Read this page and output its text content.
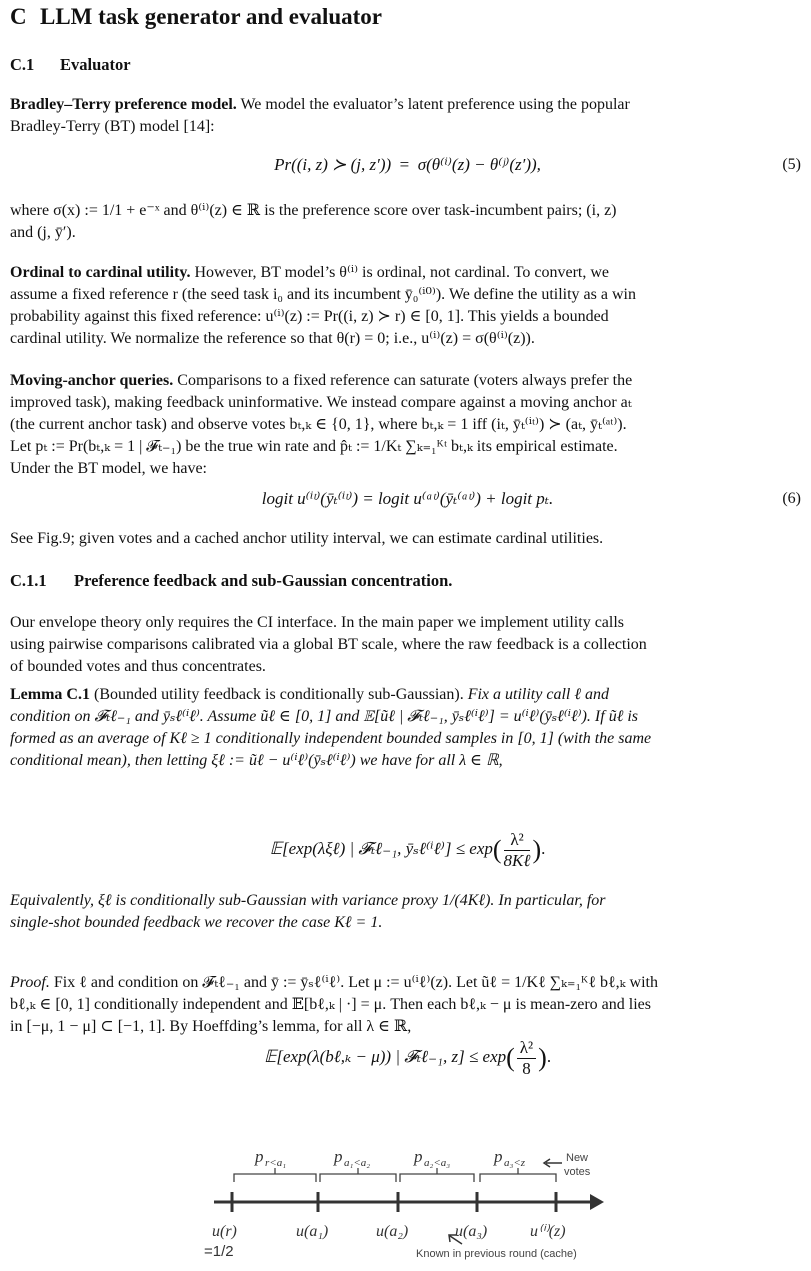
C LLM task generator and evaluator
C.1 Evaluator

Bradley–Terry preference model. We model the evaluator’s latent preference using the popular
Bradley-Terry (BT) model [14]:

Pr((i, z) ≻ (j, z′))  =  σ(θ⁽ⁱ⁾(z) − θ⁽ʲ⁾(z′)),	(5)

where σ(x) := 1/1 + e⁻ˣ and θ⁽ⁱ⁾(z) ∈ ℝ is the preference score over task-incumbent pairs; (i, z)
and (j, ȳ′).

Ordinal to cardinal utility. However, BT model’s θ⁽ⁱ⁾ is ordinal, not cardinal. To convert, we
assume a fixed reference r (the seed task i₀ and its incumbent ȳ₀⁽ⁱ⁰⁾). We define the utility as a win
probability against this fixed reference: u⁽ⁱ⁾(z) := Pr((i, z) ≻ r) ∈ [0, 1]. This yields a bounded
cardinal utility. We normalize the reference so that θ(r) = 0; i.e., u⁽ⁱ⁾(z) = σ(θ⁽ⁱ⁾(z)).

Moving-anchor queries. Comparisons to a fixed reference can saturate (voters always prefer the
improved task), making feedback uninformative. We instead compare against a moving anchor aₜ
(the current anchor task) and observe votes bₜ,ₖ ∈ {0, 1}, where bₜ,ₖ = 1 iff (iₜ, ȳₜ⁽ⁱᵗ⁾) ≻ (aₜ, ȳₜ⁽ᵃᵗ⁾).
Let pₜ := Pr(bₜ,ₖ = 1 | 𝓕ₜ₋₁) be the true win rate and p̂ₜ := 1/Kₜ ∑ₖ₌₁ᴷᵗ bₜ,ₖ its empirical estimate.
Under the BT model, we have:

logit u⁽ⁱᵗ⁾(ȳₜ⁽ⁱᵗ⁾) = logit u⁽ᵃᵗ⁾(ȳₜ⁽ᵃᵗ⁾) + logit pₜ.	(6)

See Fig.9; given votes and a cached anchor utility interval, we can estimate cardinal utilities.

C.1.1 Preference feedback and sub-Gaussian concentration.

Our envelope theory only requires the CI interface. In the main paper we implement utility calls
using pairwise comparisons calibrated via a global BT scale, where the raw feedback is a collection
of bounded votes and thus concentrates.

Lemma C.1 (Bounded utility feedback is conditionally sub-Gaussian). Fix a utility call ℓ and
condition on 𝓕ₜℓ₋₁ and ȳₛℓ⁽ⁱℓ⁾. Assume ũℓ ∈ [0, 1] and 𝔼[ũℓ | 𝓕ₜℓ₋₁, ȳₛℓ⁽ⁱℓ⁾] = u⁽ⁱℓ⁾(ȳₛℓ⁽ⁱℓ⁾). If ũℓ is
formed as an average of Kℓ ≥ 1 conditionally independent bounded samples in [0, 1] (with the same
conditional mean), then letting ξℓ := ũℓ − u⁽ⁱℓ⁾(ȳₛℓ⁽ⁱℓ⁾) we have for all λ ∈ ℝ,

𝔼[exp(λξℓ) | 𝓕ₜℓ₋₁, ȳₛℓ⁽ⁱℓ⁾] ≤ $\exp( \frac{\text{λ²}}{\text{8Kℓ}}$ ).

Equivalently, ξℓ is conditionally sub-Gaussian with variance proxy 1/(4Kℓ). In particular, for
single-shot bounded feedback we recover the case Kℓ = 1.

Proof. Fix ℓ and condition on 𝓕ₜℓ₋₁ and ȳ := ȳₛℓ⁽ⁱℓ⁾. Let μ := u⁽ⁱℓ⁾(z). Let ũℓ = 1/Kℓ ∑ₖ₌₁ᴷℓ bℓ,ₖ with
bℓ,ₖ ∈ [0, 1] conditionally independent and 𝔼[bℓ,ₖ | ·] = μ. Then each bℓ,ₖ − μ is mean-zero and lies
in [−μ, 1 − μ] ⊂ [−1, 1]. By Hoeffding’s lemma, for all λ ∈ ℝ,

𝔼[exp(λ(bℓ,ₖ − μ)) | 𝓕ₜℓ₋₁, $z] \le \exp( \frac{\text{λ²}}{8}$ ).
p r<a₁	p a₁<a₂	p a₂<a₃	p a₃<z	New
votes
u(r)	u(a₁)	u(a₂)	u(a₃)	u⁽ⁱ⁾(z)
=1/2	Known in previous round (cache)
